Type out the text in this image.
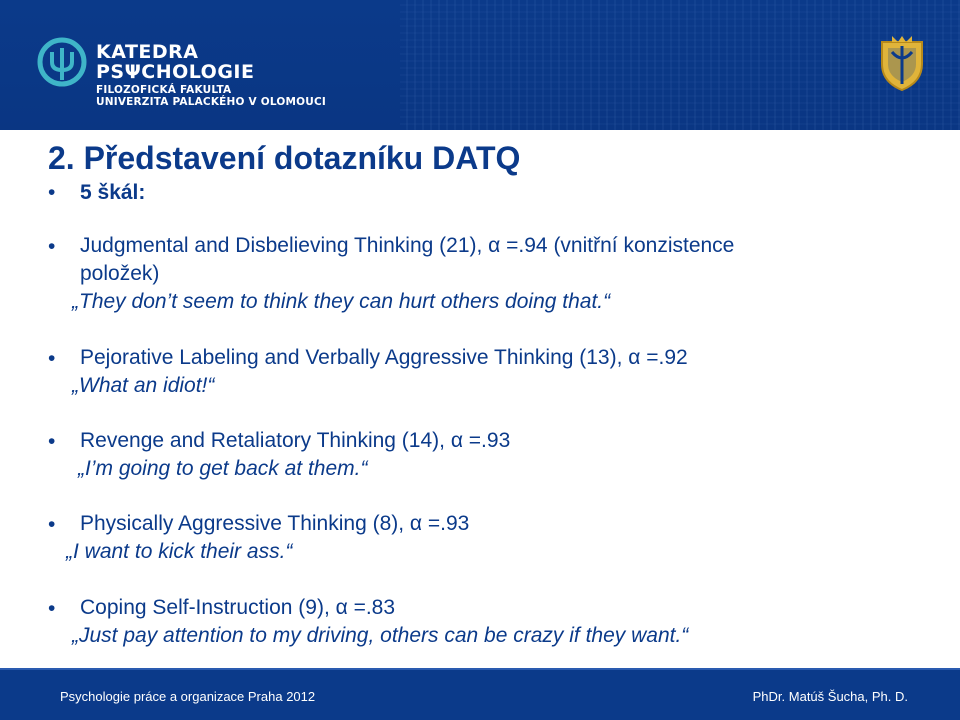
KATEDRA
PSΨCHOLOGIE
FILOZOFICKÁ FAKULTA
UNIVERZITA PALACKÉHO V OLOMOUCI
2. Představení dotazníku DATQ
• 5 škál:
• Judgmental and Disbelieving Thinking (21), α =.94 (vnitřní konzistence
položek)
„They don’t seem to think they can hurt others doing that.“
• Pejorative Labeling and Verbally Aggressive Thinking (13), α =.92
„What an idiot!“
• Revenge and Retaliatory Thinking (14), α =.93
„I’m going to get back at them.“
• Physically Aggressive Thinking (8), α =.93
„I want to kick their ass.“
• Coping Self-Instruction (9), α =.83
„Just pay attention to my driving, others can be crazy if they want.“
Psychologie práce a organizace Praha 2012	PhDr. Matúš Šucha, Ph. D.
